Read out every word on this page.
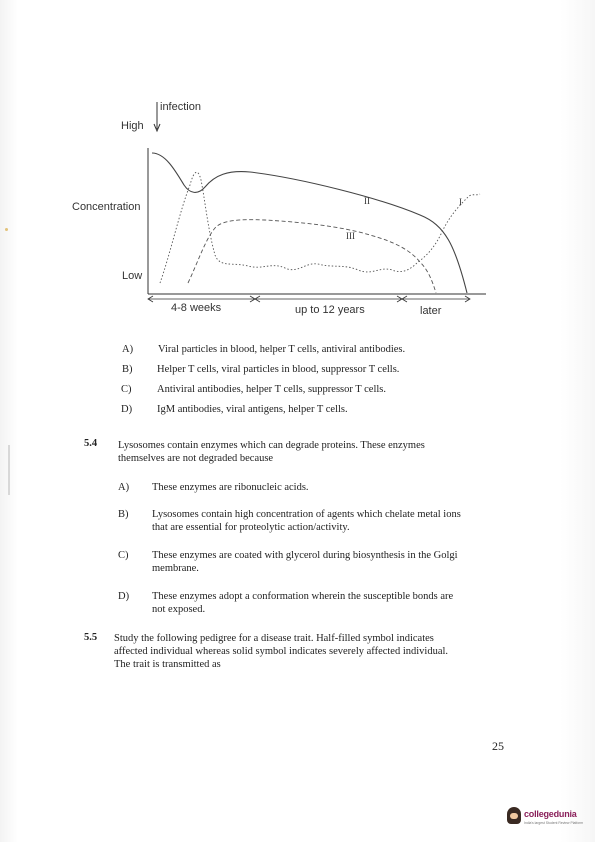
infection
High
Concentration
Low
II
III
I
4-8 weeks	up to 12 years	later
A) Viral particles in blood, helper T cells, antiviral antibodies.
B) Helper T cells, viral particles in blood, suppressor T cells.
C) Antiviral antibodies, helper T cells, suppressor T cells.
D) IgM antibodies, viral antigens, helper T cells.
5.4 Lysosomes contain enzymes which can degrade proteins. These enzymes
themselves are not degraded because
A) These enzymes are ribonucleic acids.
B) Lysosomes contain high concentration of agents which chelate metal ions
that are essential for proteolytic action/activity.
C) These enzymes are coated with glycerol during biosynthesis in the Golgi
membrane.
D) These enzymes adopt a conformation wherein the susceptible bonds are
not exposed.
5.5 Study the following pedigree for a disease trait. Half-filled symbol indicates
affected individual whereas solid symbol indicates severely affected individual.
The trait is transmitted as
25
collegedunia
India's largest Student Review Platform
